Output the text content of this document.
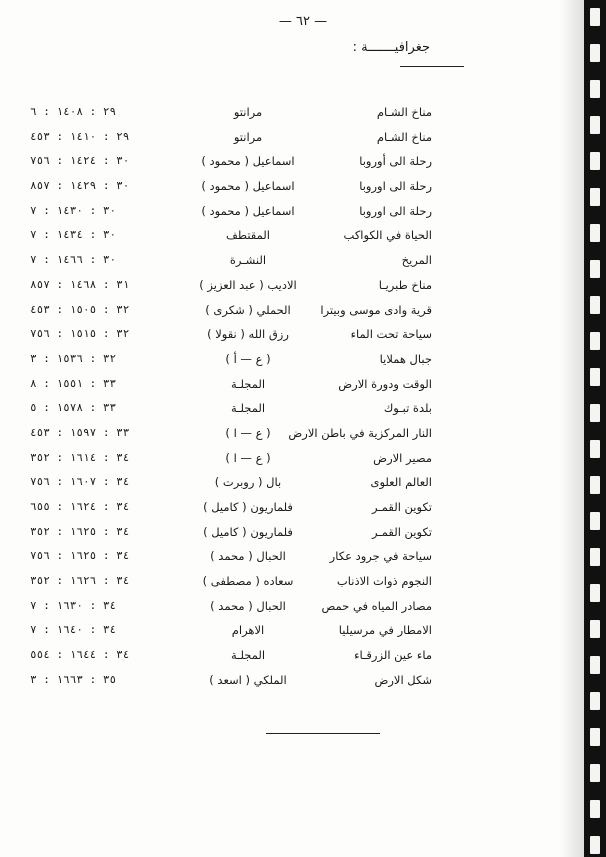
— ٦٢ —
جغرافيـــــــة :
مناخ الشـام
مرانتو
٢٩ : ١٤٠٨ : ٦
مناخ الشـام
مرانتو
٢٩ : ١٤١٠ : ٤٥٣
رحلة الى أوروبا
اسماعيل ( محمود )
٣٠ : ١٤٢٤ : ٧٥٦
رحلة الى اوروبا
اسماعيل ( محمود )
٣٠ : ١٤٢٩ : ٨٥٧
رحلة الى اوروبا
اسماعيل ( محمود )
٣٠ : ١٤٣٠ : ٧
الحياة في الكواكب
المقتطف
٣٠ : ١٤٣٤ : ٧
المريخ
النشـرة
٣٠ : ١٤٦٦ : ٧
مناخ طبريـا
الاديب ( عبد العزيز )
٣١ : ١٤٦٨ : ٨٥٧
قرية وادى موسى وبيترا
الحملي ( شكرى )
٣٢ : ١٥٠٥ : ٤٥٣
سياحة تحت الماء
رزق الله ( نقولا )
٣٢ : ١٥١٥ : ٧٥٦
جبال هملايا
( ع — أ )
٣٢ : ١٥٣٦ : ٣
الوقت ودورة الارض
المجلـة
٣٣ : ١٥٥١ : ٨
بلدة تبـوك
المجلـة
٣٣ : ١٥٧٨ : ٥
النار المركزية في باطن الارض
( ع — ا )
٣٣ : ١٥٩٧ : ٤٥٣
مصير الارض
( ع — ا )
٣٤ : ١٦١٤ : ٣٥٢
العالم العلوى
بال ( روبرت )
٣٤ : ١٦٠٧ : ٧٥٦
تكوين القمـر
فلماريون ( كاميل )
٣٤ : ١٦٢٤ : ٦٥٥
تكوين القمـر
فلماريون ( كاميل )
٣٤ : ١٦٢٥ : ٣٥٢
سياحة في جرود عكار
الحبال ( محمد )
٣٤ : ١٦٢٥ : ٧٥٦
النجوم ذوات الاذناب
سعاده ( مصطفى )
٣٤ : ١٦٢٦ : ٣٥٢
مصادر المياه في حمص
الحبال ( محمد )
٣٤ : ١٦٣٠ : ٧
الامطار في مرسيليا
الاهرام
٣٤ : ١٦٤٠ : ٧
ماء عين الزرقـاء
المجلـة
٣٤ : ١٦٤٤ : ٥٥٤
شكل الارض
الملكي ( اسعد )
٣٥ : ١٦٦٣ : ٣
